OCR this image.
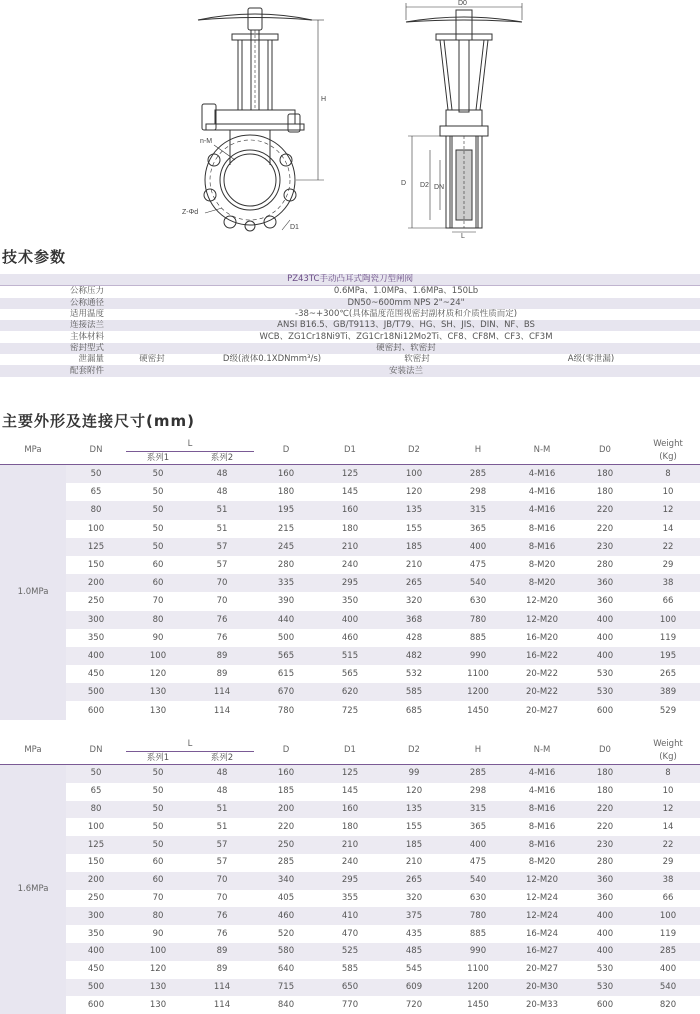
n-M
Z-Φd
D1
H
D0
D D2 DN
L
技术参数
PZ43TC手动凸耳式陶瓷刀型闸阀				
公称压力	0.6MPa、1.0MPa、1.6MPa、150Lb			
公称通径	DN50~600mm NPS 2"~24"			
适用温度	-38~+300℃(具体温度范围视密封副材质和介质性质而定)			
连接法兰	ANSI B16.5、GB/T9113、JB/T79、HG、SH、JIS、DIN、NF、BS			
主体材料	WCB、ZG1Cr18Ni9Ti、ZG1Cr18Ni12Mo2Ti、CF8、CF8M、CF3、CF3M			
密封型式	硬密封、软密封			
泄漏量	硬密封	D级(液体0.1XDNmm³/s)	软密封	A级(零泄漏)
配套附件	安装法兰			
主要外形及连接尺寸(mm)
MPa	DN	L		D	D1	D2	H	N-M	D0	Weight
(Kg)
		系列1	系列2							
1.0MPa	50	50	48	160	125	100	285	4-M16	180	8
	65	50	48	180	145	120	298	4-M16	180	10
	80	50	51	195	160	135	315	4-M16	220	12
	100	50	51	215	180	155	365	8-M16	220	14
	125	50	57	245	210	185	400	8-M16	230	22
	150	60	57	280	240	210	475	8-M20	280	29
	200	60	70	335	295	265	540	8-M20	360	38
	250	70	70	390	350	320	630	12-M20	360	66
	300	80	76	440	400	368	780	12-M20	400	100
	350	90	76	500	460	428	885	16-M20	400	119
	400	100	89	565	515	482	990	16-M22	400	195
	450	120	89	615	565	532	1100	20-M22	530	265
	500	130	114	670	620	585	1200	20-M22	530	389
	600	130	114	780	725	685	1450	20-M27	600	529
MPa	DN	L		D	D1	D2	H	N-M	D0	Weight
(Kg)
		系列1	系列2							
1.6MPa	50	50	48	160	125	99	285	4-M16	180	8
	65	50	48	185	145	120	298	4-M16	180	10
	80	50	51	200	160	135	315	8-M16	220	12
	100	50	51	220	180	155	365	8-M16	220	14
	125	50	57	250	210	185	400	8-M16	230	22
	150	60	57	285	240	210	475	8-M20	280	29
	200	60	70	340	295	265	540	12-M20	360	38
	250	70	70	405	355	320	630	12-M24	360	66
	300	80	76	460	410	375	780	12-M24	400	100
	350	90	76	520	470	435	885	16-M24	400	119
	400	100	89	580	525	485	990	16-M27	400	285
	450	120	89	640	585	545	1100	20-M27	530	400
	500	130	114	715	650	609	1200	20-M30	530	540
	600	130	114	840	770	720	1450	20-M33	600	820
